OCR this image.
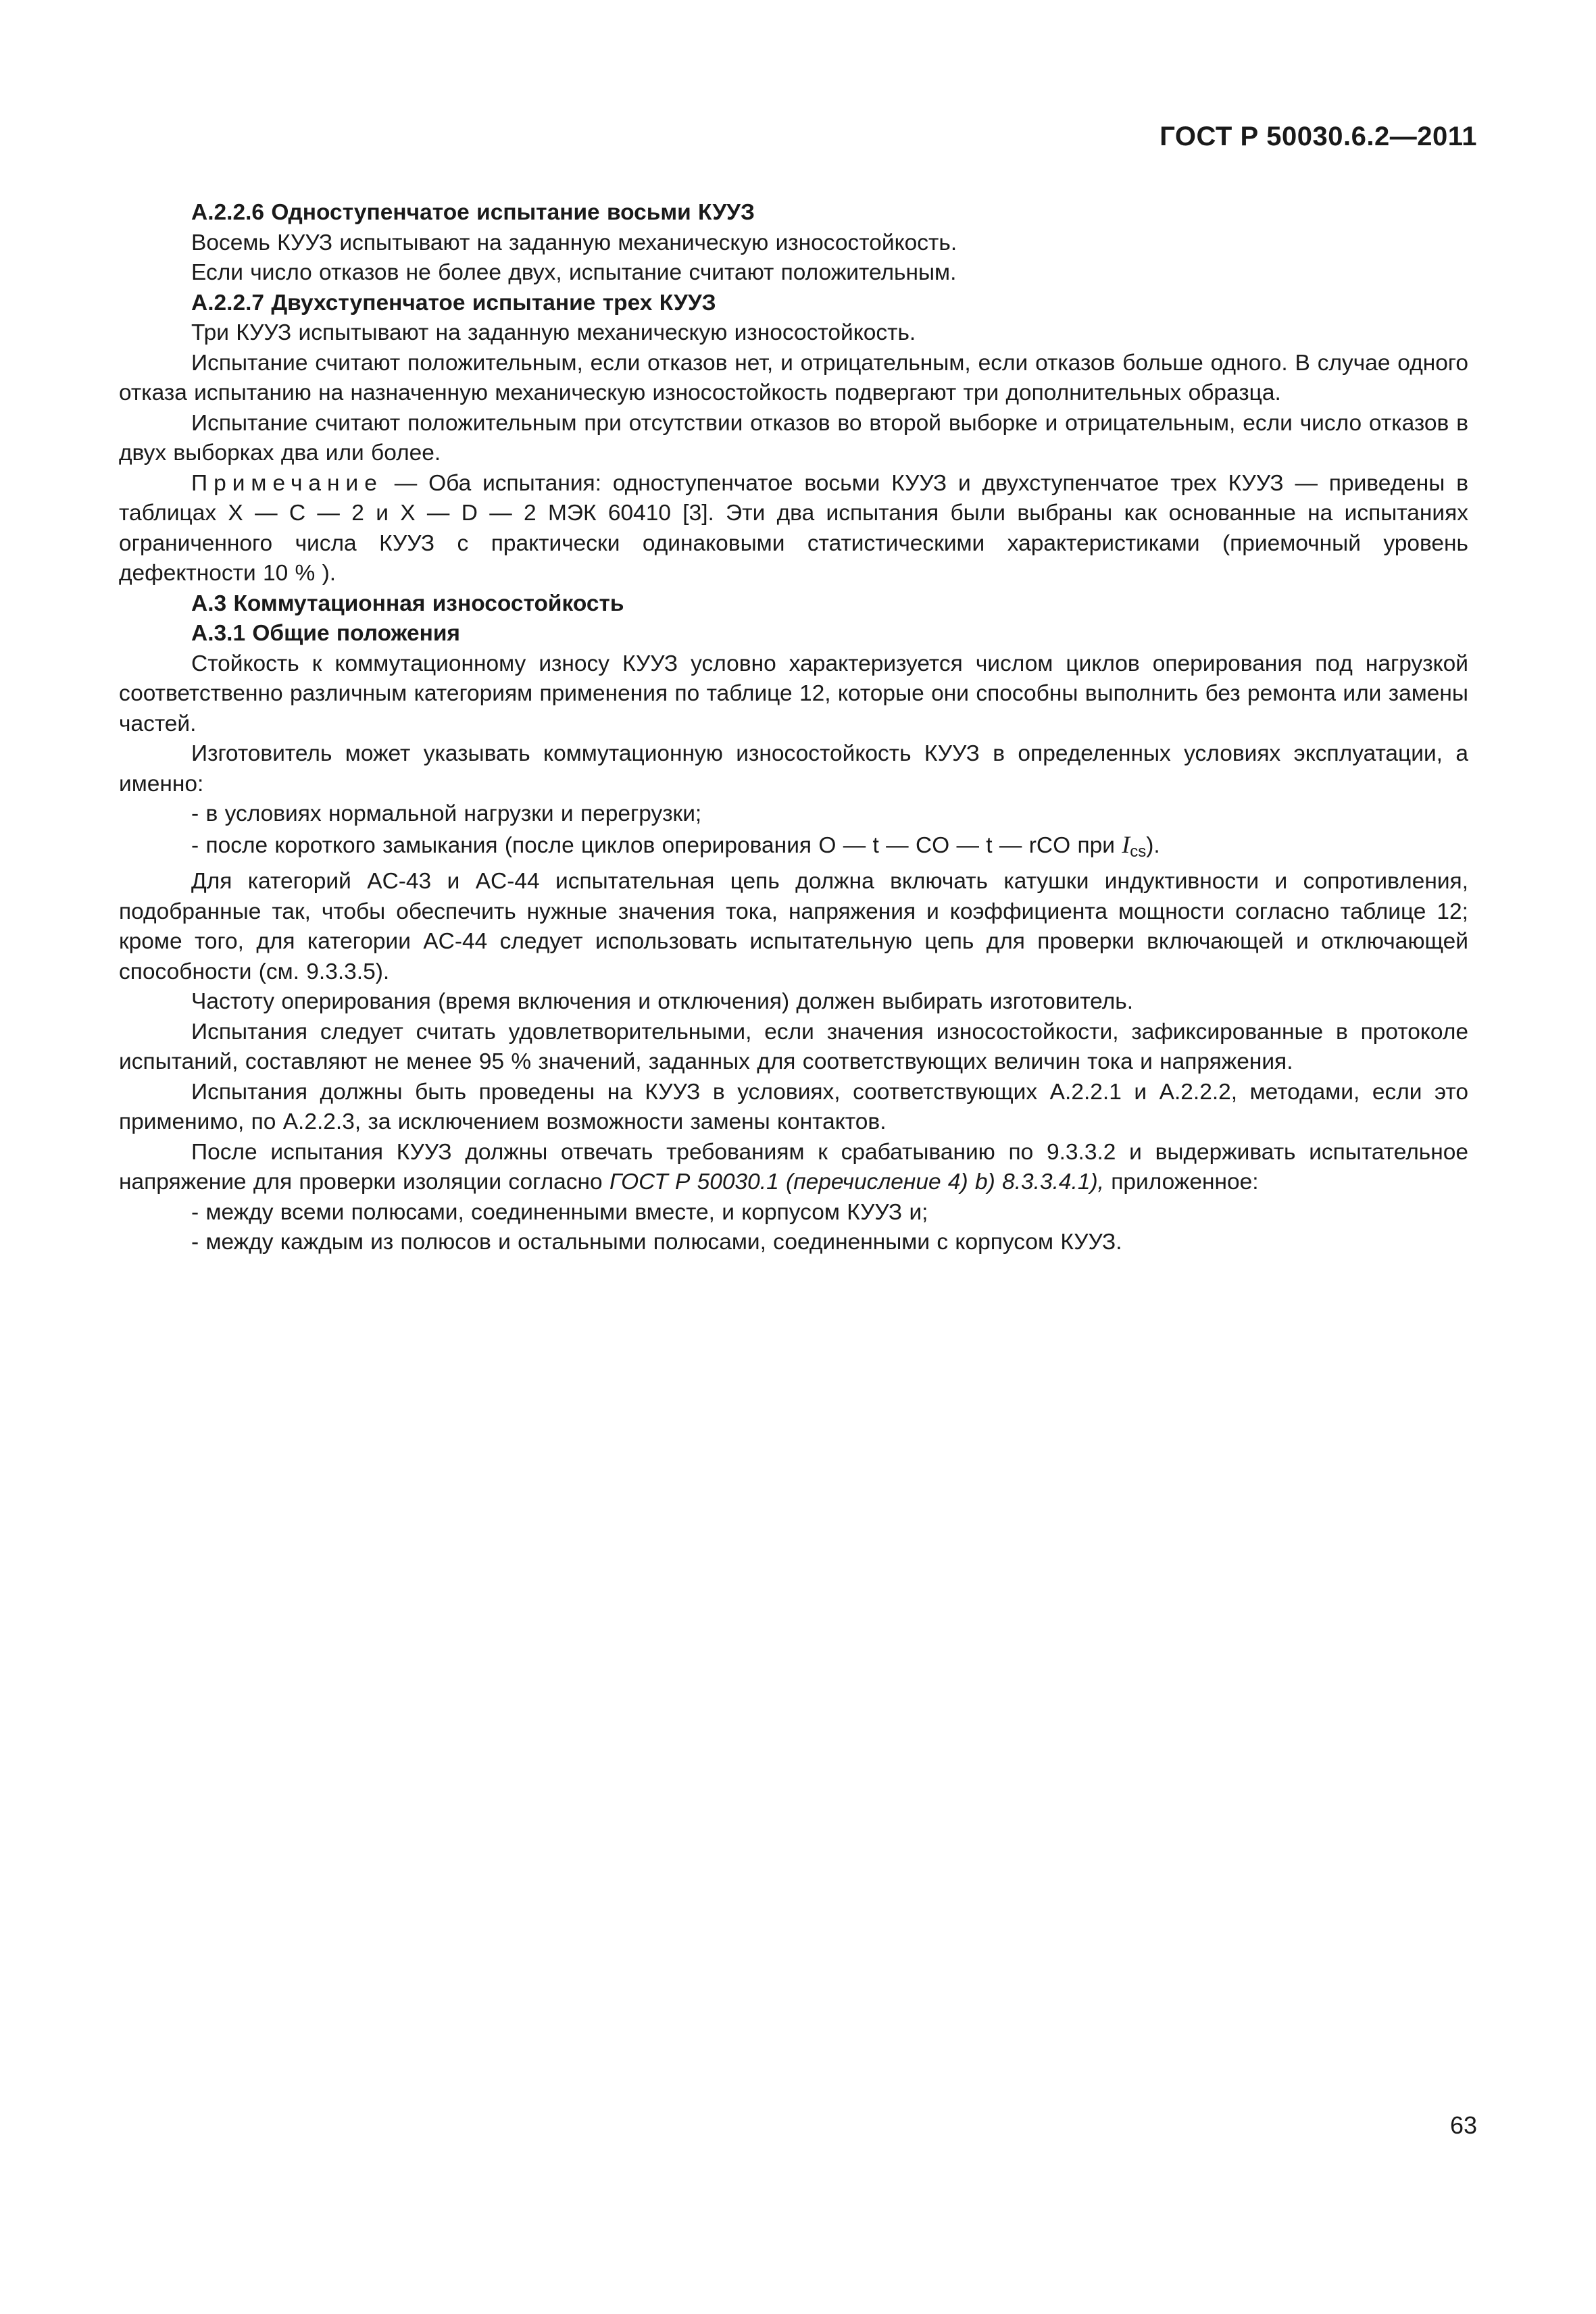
ГОСТ Р 50030.6.2—2011

А.2.2.6 Одноступенчатое испытание восьми КУУЗ

Восемь КУУЗ испытывают на заданную механическую износостойкость.

Если число отказов не более двух, испытание считают положительным.

А.2.2.7 Двухступенчатое испытание трех КУУЗ

Три КУУЗ испытывают на заданную механическую износостойкость.

Испытание считают положительным, если отказов нет, и отрицательным, если отказов больше одного. В случае одного отказа испытанию на назначенную механическую износостойкость подвергают три дополнительных образца.

Испытание считают положительным при отсутствии отказов во второй выборке и отрицательным, если число отказов в двух выборках два или более.

Примечание — Оба испытания: одноступенчатое восьми КУУЗ и двухступенчатое трех КУУЗ — приведены в таблицах X — C — 2 и X — D — 2 МЭК 60410 [3]. Эти два испытания были выбраны как основанные на испытаниях ограниченного числа КУУЗ с практически одинаковыми статистическими характеристиками (приемочный уровень дефектности 10 % ).

А.3 Коммутационная износостойкость

А.3.1 Общие положения

Стойкость к коммутационному износу КУУЗ условно характеризуется числом циклов оперирования под нагрузкой соответственно различным категориям применения по таблице 12, которые они способны выполнить без ремонта или замены частей.

Изготовитель может указывать коммутационную износостойкость КУУЗ в определенных условиях эксплуатации, а именно:

- в условиях нормальной нагрузки и перегрузки;

- после короткого замыкания (после циклов оперирования O — t — CO — t — rCO при $I_{cs}$).

Для категорий AC-43 и AC-44 испытательная цепь должна включать катушки индуктивности и сопротивления, подобранные так, чтобы обеспечить нужные значения тока, напряжения и коэффициента мощности согласно таблице 12; кроме того, для категории AC-44 следует использовать испытательную цепь для проверки включающей и отключающей способности (см. 9.3.3.5).

Частоту оперирования (время включения и отключения) должен выбирать изготовитель.

Испытания следует считать удовлетворительными, если значения износостойкости, зафиксированные в протоколе испытаний, составляют не менее 95 % значений, заданных для соответствующих величин тока и напряжения.

Испытания должны быть проведены на КУУЗ в условиях, соответствующих А.2.2.1 и А.2.2.2, методами, если это применимо, по А.2.2.3, за исключением возможности замены контактов.

После испытания КУУЗ должны отвечать требованиям к срабатыванию по 9.3.3.2 и выдерживать испытательное напряжение для проверки изоляции согласно ГОСТ Р 50030.1 (перечисление 4) b) 8.3.3.4.1), приложенное:

- между всеми полюсами, соединенными вместе, и корпусом КУУЗ и;

- между каждым из полюсов и остальными полюсами, соединенными с корпусом КУУЗ.

63
